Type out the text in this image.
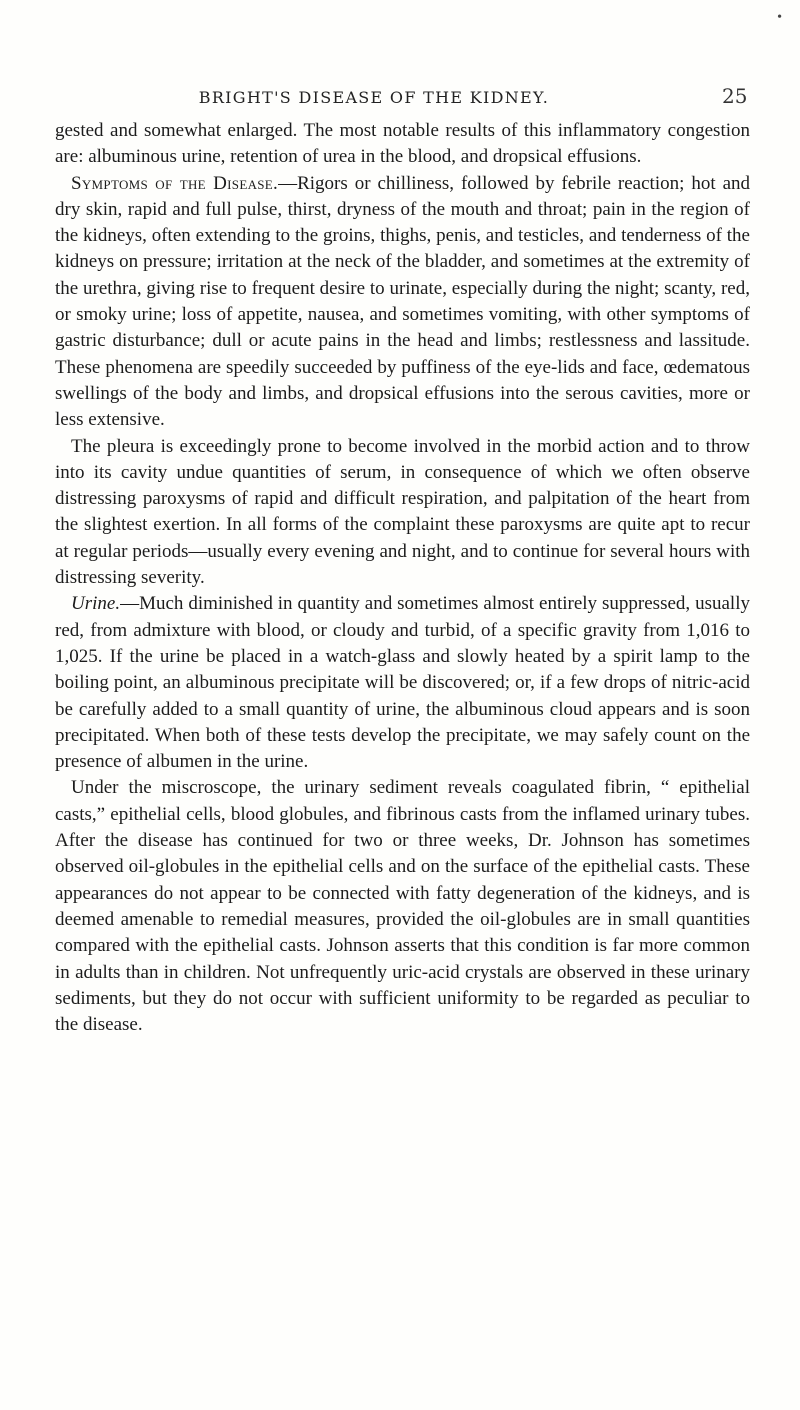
•
BRIGHT'S DISEASE OF THE KIDNEY.	25

gested and somewhat enlarged. The most notable results of this inflammatory congestion are: albuminous urine, retention of urea in the blood, and dropsical effusions.

Symptoms of the Disease.—Rigors or chilliness, followed by febrile reaction; hot and dry skin, rapid and full pulse, thirst, dryness of the mouth and throat; pain in the region of the kidneys, often extending to the groins, thighs, penis, and testicles, and tenderness of the kidneys on pressure; irritation at the neck of the bladder, and sometimes at the extremity of the urethra, giving rise to frequent desire to urinate, especially during the night; scanty, red, or smoky urine; loss of appetite, nausea, and sometimes vomiting, with other symptoms of gastric disturbance; dull or acute pains in the head and limbs; restlessness and lassitude. These phenomena are speedily succeeded by puffiness of the eye-lids and face, œdematous swellings of the body and limbs, and dropsical effusions into the serous cavities, more or less extensive.

The pleura is exceedingly prone to become involved in the morbid action and to throw into its cavity undue quantities of serum, in consequence of which we often observe distressing paroxysms of rapid and difficult respiration, and palpitation of the heart from the slightest exertion. In all forms of the complaint these paroxysms are quite apt to recur at regular periods—usually every evening and night, and to continue for several hours with distressing severity.

Urine.—Much diminished in quantity and sometimes almost entirely suppressed, usually red, from admixture with blood, or cloudy and turbid, of a specific gravity from 1,016 to 1,025. If the urine be placed in a watch-glass and slowly heated by a spirit lamp to the boiling point, an albuminous precipitate will be discovered; or, if a few drops of nitric-acid be carefully added to a small quantity of urine, the albuminous cloud appears and is soon precipitated. When both of these tests develop the precipitate, we may safely count on the presence of albumen in the urine.

Under the miscroscope, the urinary sediment reveals coagulated fibrin, “ epithelial casts,” epithelial cells, blood globules, and fibrinous casts from the inflamed urinary tubes. After the disease has continued for two or three weeks, Dr. Johnson has sometimes observed oil-globules in the epithelial cells and on the surface of the epithelial casts. These appearances do not appear to be connected with fatty degeneration of the kidneys, and is deemed amenable to remedial measures, provided the oil-globules are in small quantities compared with the epithelial casts. Johnson asserts that this condition is far more common in adults than in children. Not unfrequently uric-acid crystals are observed in these urinary sediments, but they do not occur with sufficient uniformity to be regarded as peculiar to the disease.
